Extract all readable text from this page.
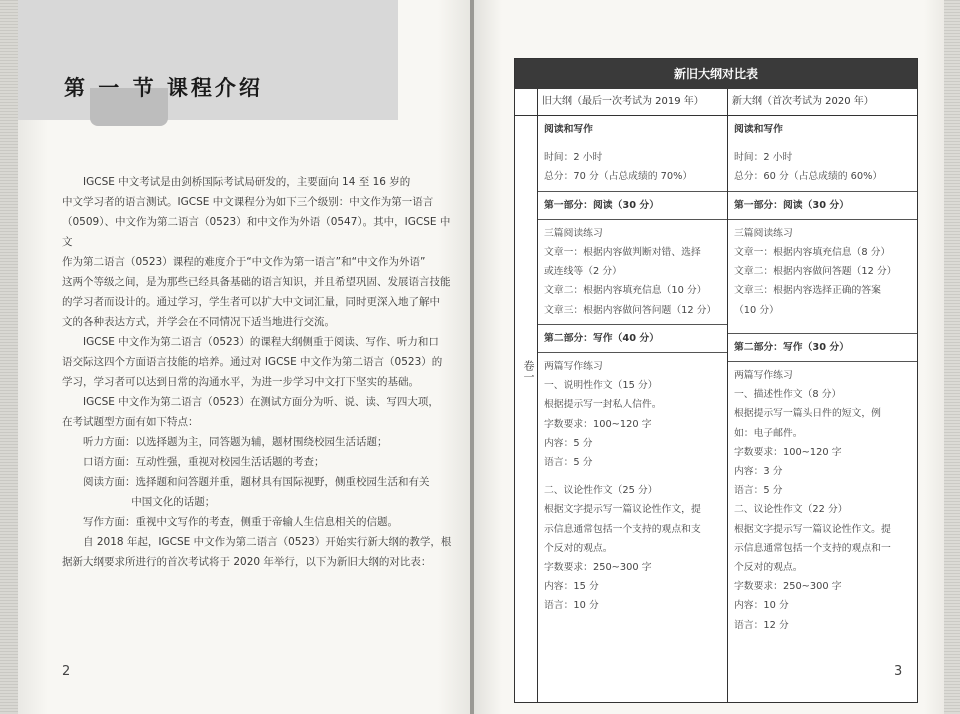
第 一 节 课程介绍

IGCSE 中文考试是由剑桥国际考试局研发的，主要面向 14 至 16 岁的

中文学习者的语言测试。IGCSE 中文课程分为如下三个级别：中文作为第一语言

（0509）、中文作为第二语言（0523）和中文作为外语（0547）。其中，IGCSE 中文

作为第二语言（0523）课程的难度介于“中文作为第一语言”和“中文作为外语”

这两个等级之间，是为那些已经具备基础的语言知识，并且希望巩固、发展语言技能

的学习者而设计的。通过学习，学生者可以扩大中文词汇量，同时更深入地了解中

文的各种表达方式，并学会在不同情况下适当地进行交流。

IGCSE 中文作为第二语言（0523）的课程大纲侧重于阅读、写作、听力和口

语交际这四个方面语言技能的培养。通过对 IGCSE 中文作为第二语言（0523）的

学习，学习者可以达到日常的沟通水平，为进一步学习中文打下坚实的基础。

IGCSE 中文作为第二语言（0523）在测试方面分为听、说、读、写四大项，

在考试题型方面有如下特点：

听力方面：以选择题为主，同答题为辅，题材围绕校园生活话题；

口语方面：互动性强，重视对校园生活话题的考查；

阅读方面：选择题和问答题并重，题材具有国际视野，侧重校园生活和有关

中国文化的话题；

写作方面：重视中文写作的考查，侧重于帝输人生信息相关的信题。

自 2018 年起，IGCSE 中文作为第二语言（0523）开始实行新大纲的教学，根

据新大纲要求所进行的首次考试将于 2020 年举行，以下为新旧大纲的对比表：

2
新旧大纲对比表
旧大纲（最后一次考试为 2019 年）	新大纲（首次考试为 2020 年）
卷一
阅读和写作
时间：2 小时
总分：70 分（占总成绩的 70%）
第一部分：阅读（30 分）
三篇阅读练习
文章一：根据内容做判断对错、选择
或连线等（2 分）
文章二：根据内容填充信息（10 分）
文章三：根据内容做问答问题（12 分）
第二部分：写作（40 分）
两篇写作练习
一、说明性作文（15 分）
根据提示写一封私人信件。
字数要求：100~120 字
内容：5 分
语言：5 分
二、议论性作文（25 分）
根据文字提示写一篇议论性作文，提
示信息通常包括一个支持的观点和支
个反对的观点。
字数要求：250~300 字
内容：15 分
语言：10 分
阅读和写作
时间：2 小时
总分：60 分（占总成绩的 60%）
第一部分：阅读（30 分）
三篇阅读练习
文章一：根据内容填充信息（8 分）
文章二：根据内容做问答题（12 分）
文章三：根据内容选择正确的答案
（10 分）
第二部分：写作（30 分）
两篇写作练习
一、描述性作文（8 分）
根据提示写一篇头日件的短文，例
如：电子邮件。
字数要求：100~120 字
内容：3 分
语言：5 分
二、议论性作文（22 分）
根据文字提示写一篇议论性作文。提
示信息通常包括一个支持的观点和一
个反对的观点。
字数要求：250~300 字
内容：10 分
语言：12 分
3
